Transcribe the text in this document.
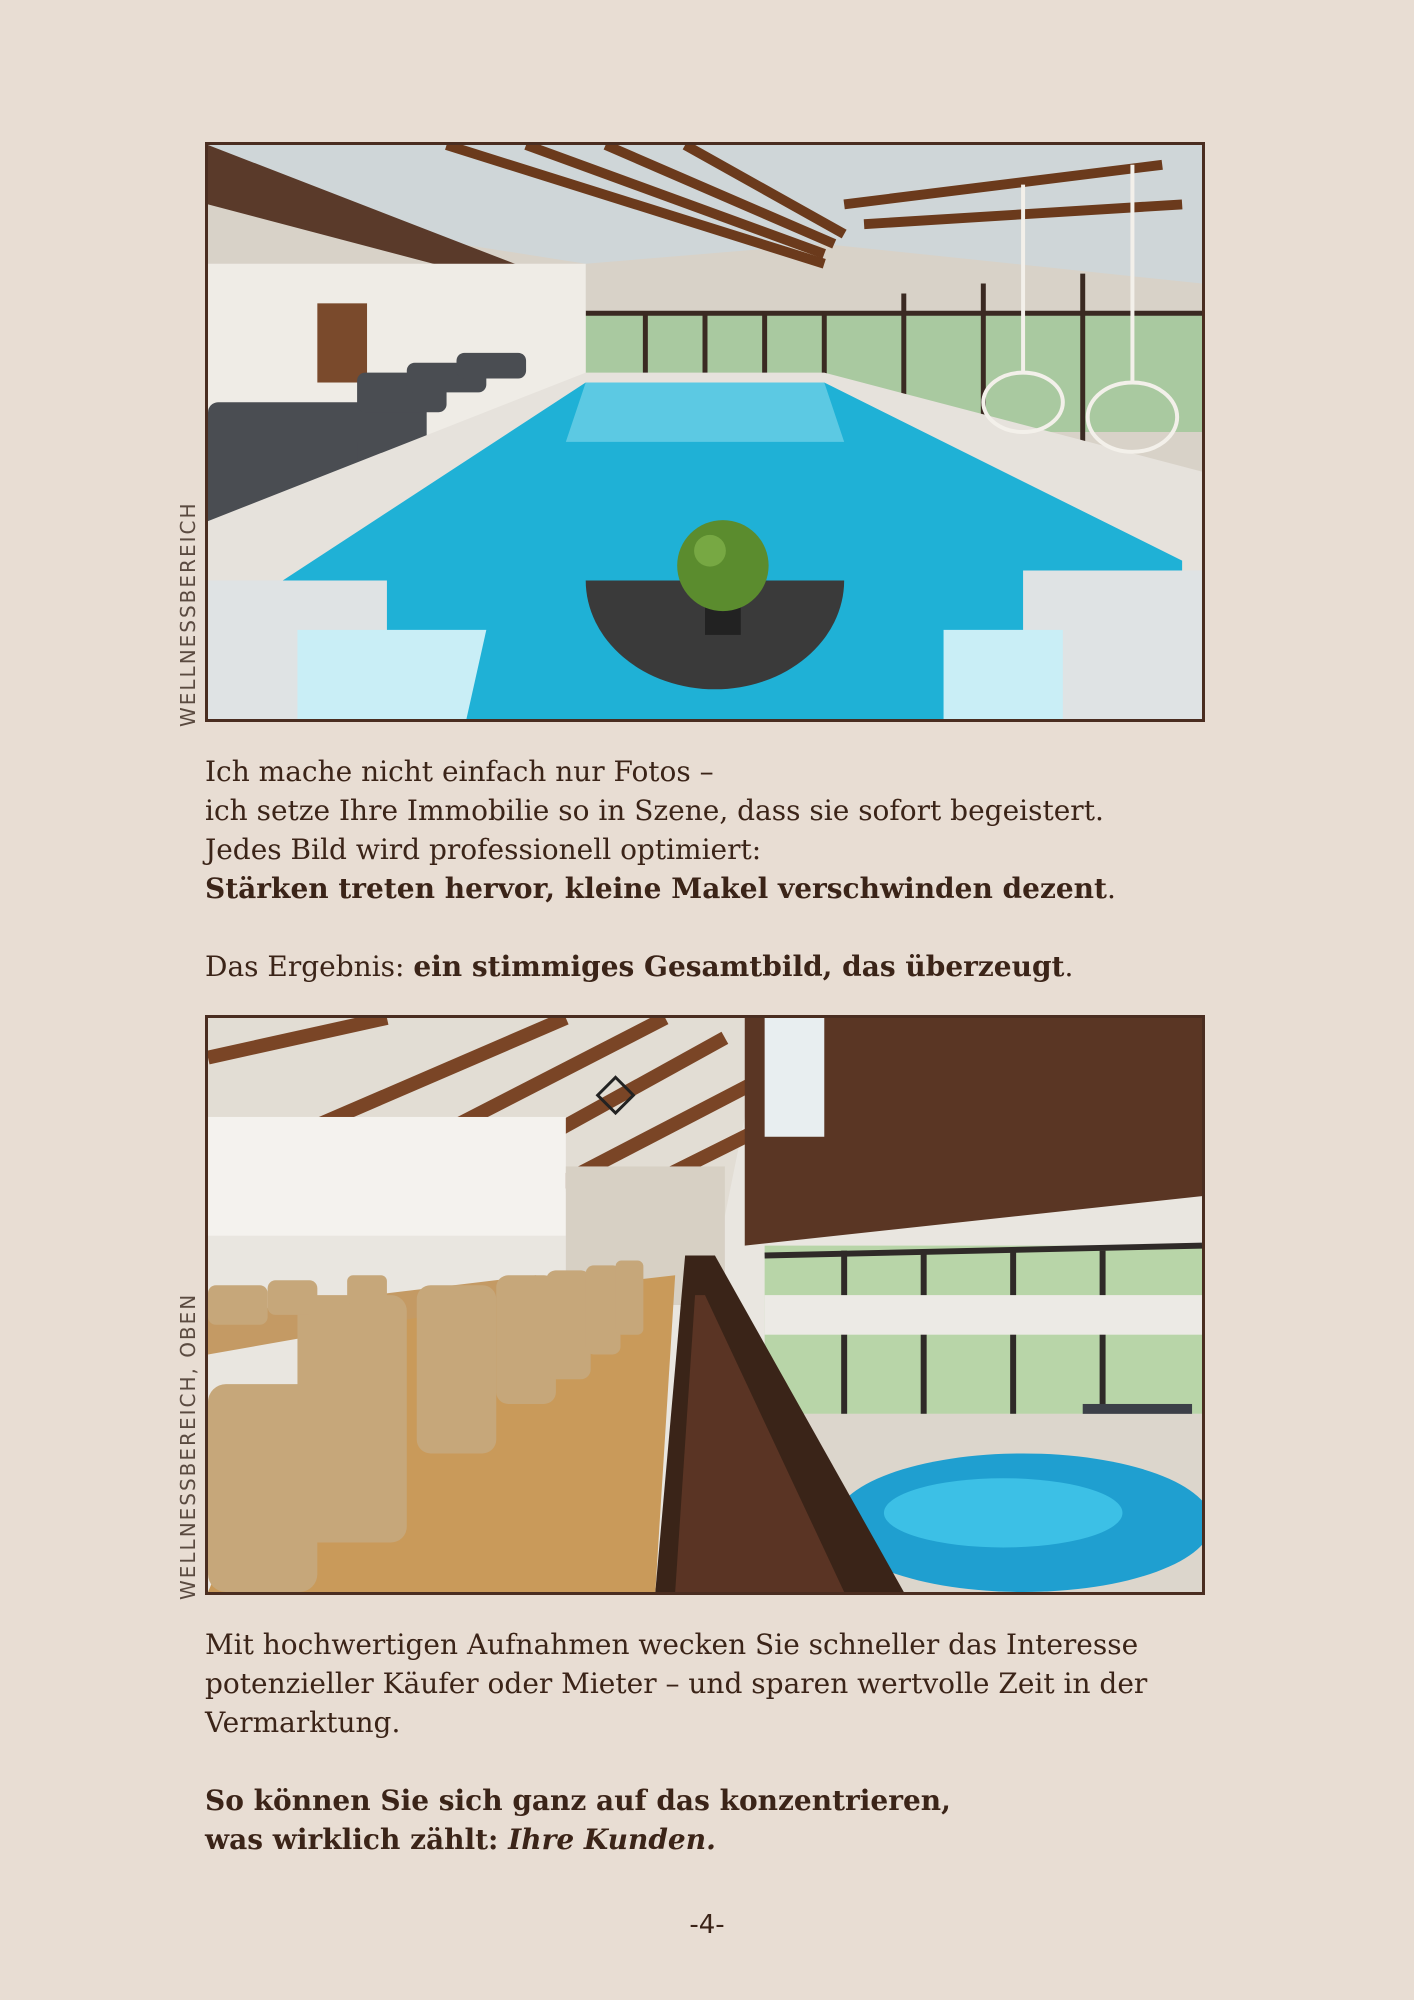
WELLNESSBEREICH

Ich mache nicht einfach nur Fotos –

ich setze Ihre Immobilie so in Szene, dass sie sofort begeistert.

Jedes Bild wird professionell optimiert:

Stärken treten hervor, kleine Makel verschwinden dezent.

Das Ergebnis: ein stimmiges Gesamtbild, das überzeugt.

WELLNESSBEREICH, OBEN

Mit hochwertigen Aufnahmen wecken Sie schneller das Interesse

potenzieller Käufer oder Mieter – und sparen wertvolle Zeit in der

Vermarktung.

So können Sie sich ganz auf das konzentrieren,

was wirklich zählt: Ihre Kunden.

-4-
